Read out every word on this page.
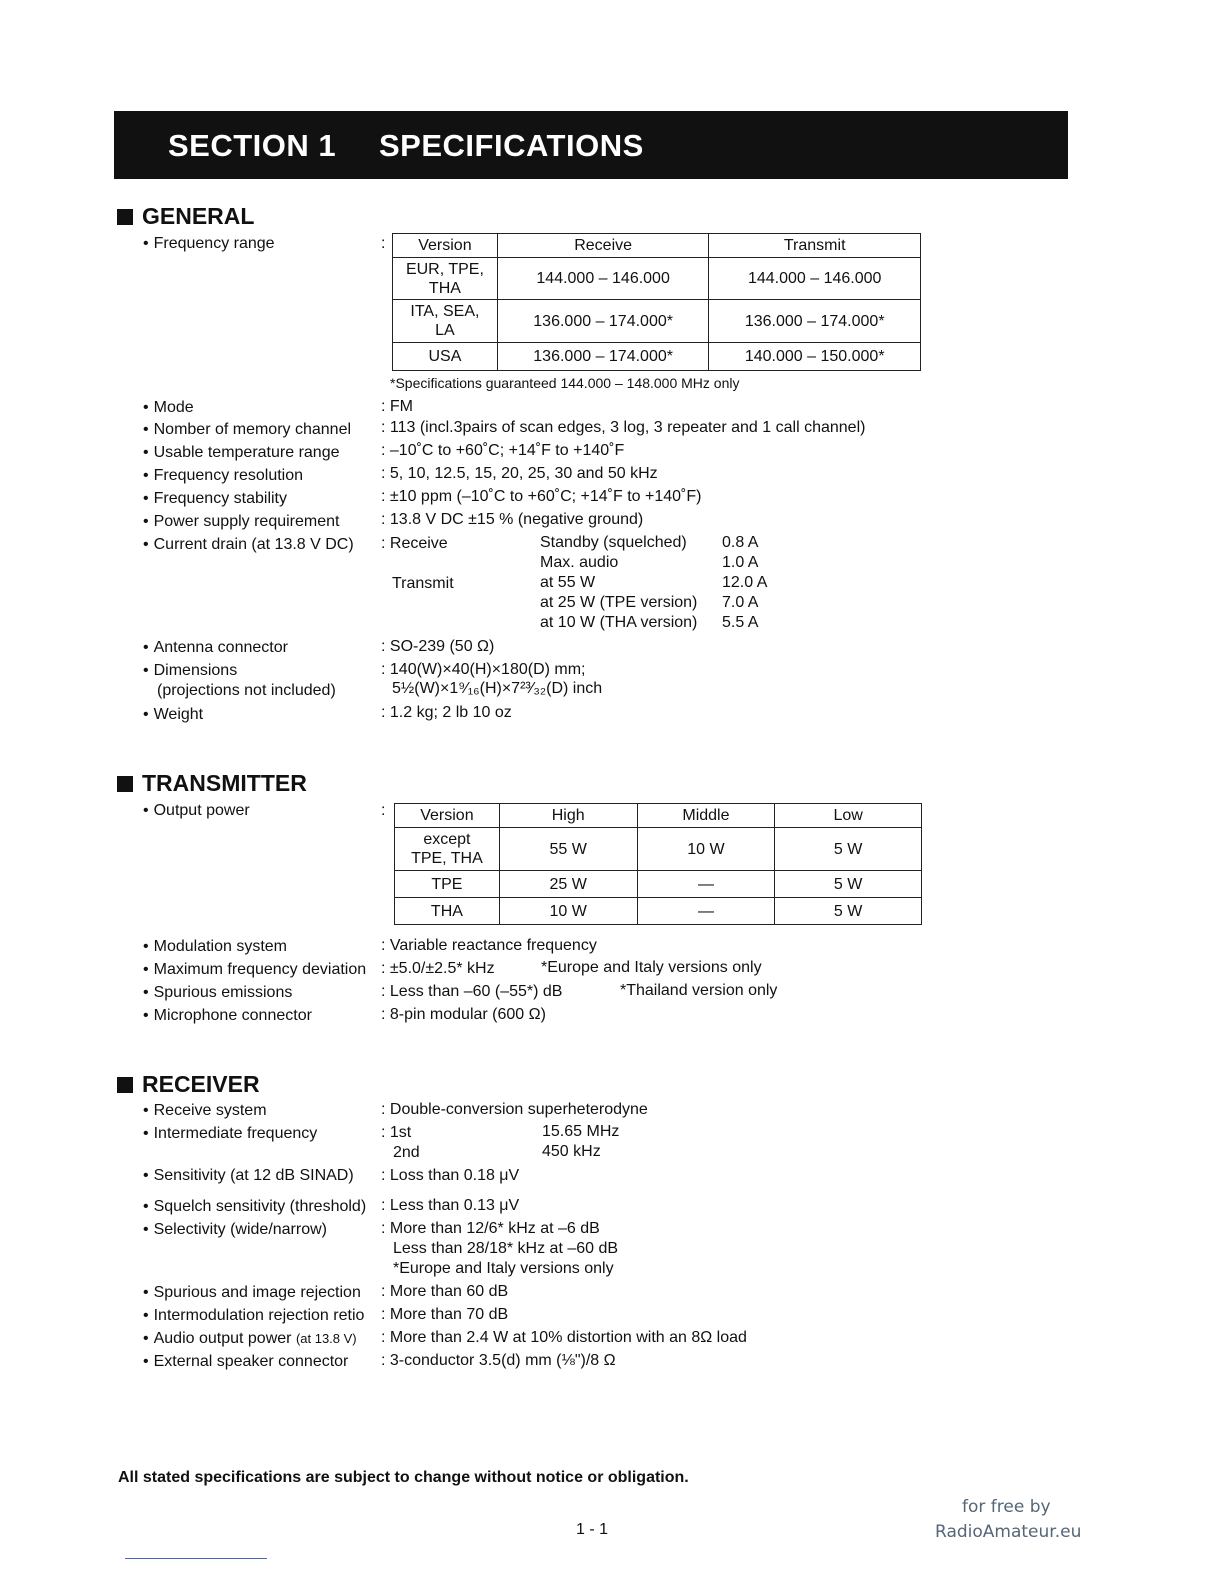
SECTION 1 SPECIFICATIONS
GENERAL
• Frequency range	: Version	Receive	Transmit
EUR, TPE,
THA	144.000 – 146.000	144.000 – 146.000
ITA, SEA,
LA	136.000 – 174.000*	136.000 – 174.000*
USA	136.000 – 174.000*	140.000 – 150.000*
*Specifications guaranteed 144.000 – 148.000 MHz only
• Mode	: FM
• Nomber of memory channel : 113 (incl.3pairs of scan edges, 3 log, 3 repeater and 1 call channel)
• Usable temperature range	: –10˚C to +60˚C; +14˚F to +140˚F
• Frequency resolution	: 5, 10, 12.5, 15, 20, 25, 30 and 50 kHz
• Frequency stability	: ±10 ppm (–10˚C to +60˚C; +14˚F to +140˚F)
• Power supply requirement	: 13.8 V DC ±15 % (negative ground)
• Current drain (at 13.8 V DC) : Receive	Standby (squelched) 0.8 A
Max. audio	1.0 A
Transmit	at 55 W	12.0 A
at 25 W (TPE version) 7.0 A
at 10 W (THA version) 5.5 A
• Antenna connector	: SO-239 (50 Ω)
• Dimensions
(projections not included)
: 140(W)×40(H)×180(D) mm;
5½(W)×1⁹⁄₁₆(H)×7²³⁄₃₂(D) inch
• Weight	: 1.2 kg; 2 lb 10 oz
TRANSMITTER
• Output power	: Version	High	Middle	Low
except
TPE, THA	55 W	10 W	5 W
TPE	25 W	—	5 W
THA	10 W	—	5 W
• Modulation system	: Variable reactance frequency
• Maximum frequency deviation : ±5.0/±2.5* kHz	*Europe and Italy versions only
• Spurious emissions	: Less than –60 (–55*) dB	*Thailand version only
• Microphone connector	: 8-pin modular (600 Ω)
RECEIVER
• Receive system	: Double-conversion superheterodyne
• Intermediate frequency	: 1st	15.65 MHz
2nd	450 kHz
• Sensitivity (at 12 dB SINAD) : Loss than 0.18 μV
• Squelch sensitivity (threshold) : Less than 0.13 μV
• Selectivity (wide/narrow)	: More than 12/6* kHz at –6 dB
Less than 28/18* kHz at –60 dB
*Europe and Italy versions only
• Spurious and image rejection : More than 60 dB
• Intermodulation rejection retio : More than 70 dB
• Audio output power (at 13.8 V) : More than 2.4 W at 10% distortion with an 8Ω load
• External speaker connector : 3-conductor 3.5(d) mm (⅛")/8 Ω
All stated specifications are subject to change without notice or obligation.
1 - 1
for free by
RadioAmateur.eu
